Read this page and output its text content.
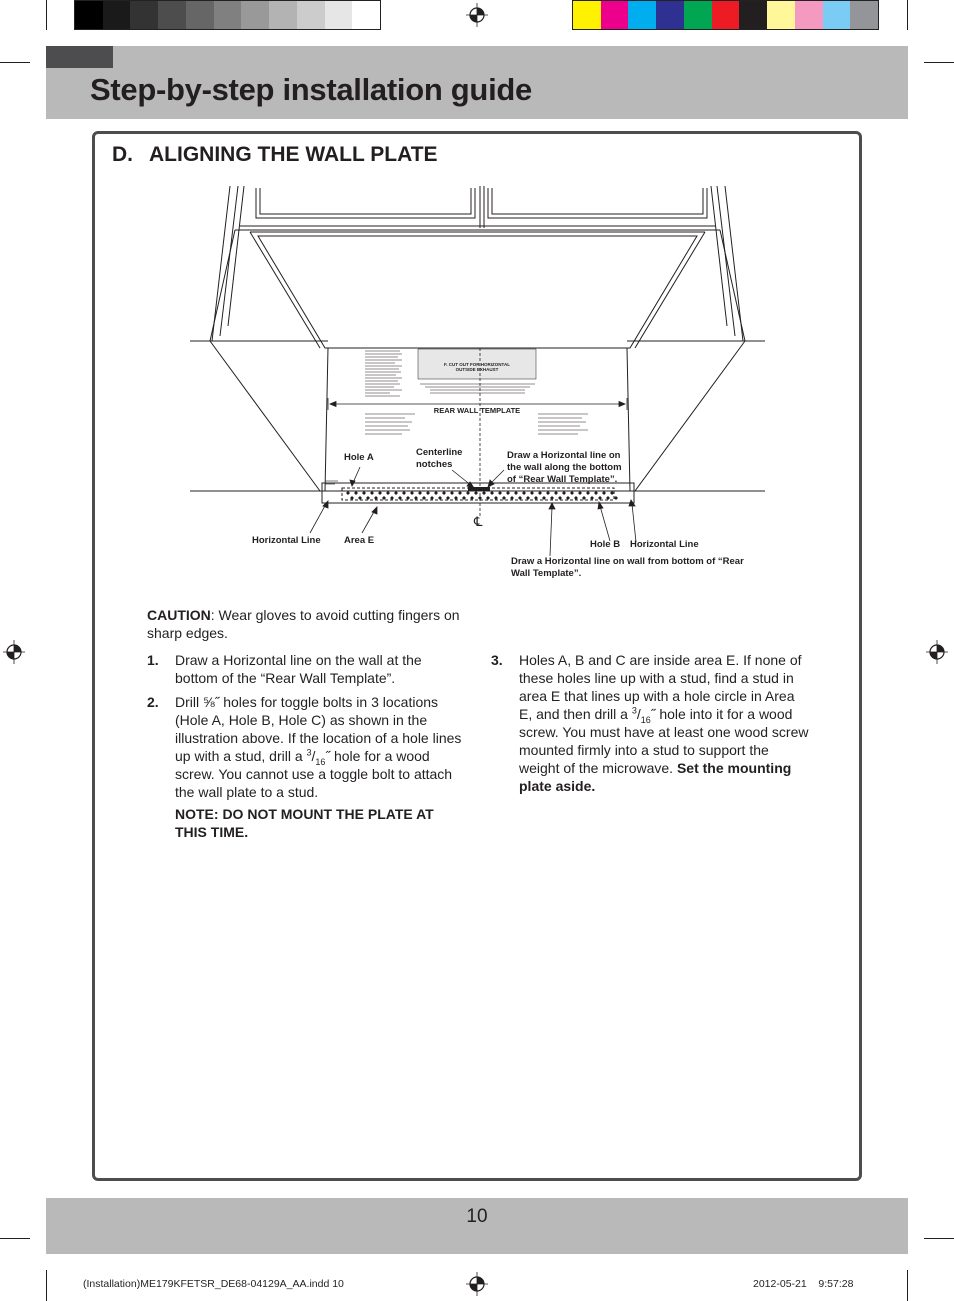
Step-by-step installation guide
D. ALIGNING THE WALL PLATE
F. CUT OUT FOR HORIZONTAL
OUTSIDE EXHAUST
REAR WALL TEMPLATE
℄
Hole A	Centerline
notches
Draw a Horizontal line on
the wall along the bottom
of “Rear Wall Template”.
Horizontal Line Area E	Hole B Horizontal Line
Draw a Horizontal line on wall from bottom of “Rear
Wall Template”.
CAUTION: Wear gloves to avoid cutting fingers on sharp edges.
1. Draw a Horizontal line on the wall at the bottom of the “Rear Wall Template”.
2. Drill ⅝˝ holes for toggle bolts in 3 locations (Hole A, Hole B, Hole C) as shown in the illustration above. If the location of a hole lines up with a stud, drill a $^3/_{16}˝$ hole for a wood screw. You cannot use a toggle bolt to attach the wall plate to a stud.
NOTE: DO NOT MOUNT THE PLATE AT THIS TIME.
3. Holes A, B and C are inside area E. If none of these holes line up with a stud, find a stud in area E that lines up with a hole circle in Area E, and then drill a $^3/_{16}˝$ hole into it for a wood screw. You must have at least one wood screw mounted firmly into a stud to support the weight of the microwave. Set the mounting plate aside.
10
(Installation)ME179KFETSR_DE68-04129A_AA.indd 10	2012-05-21    9:57:28
